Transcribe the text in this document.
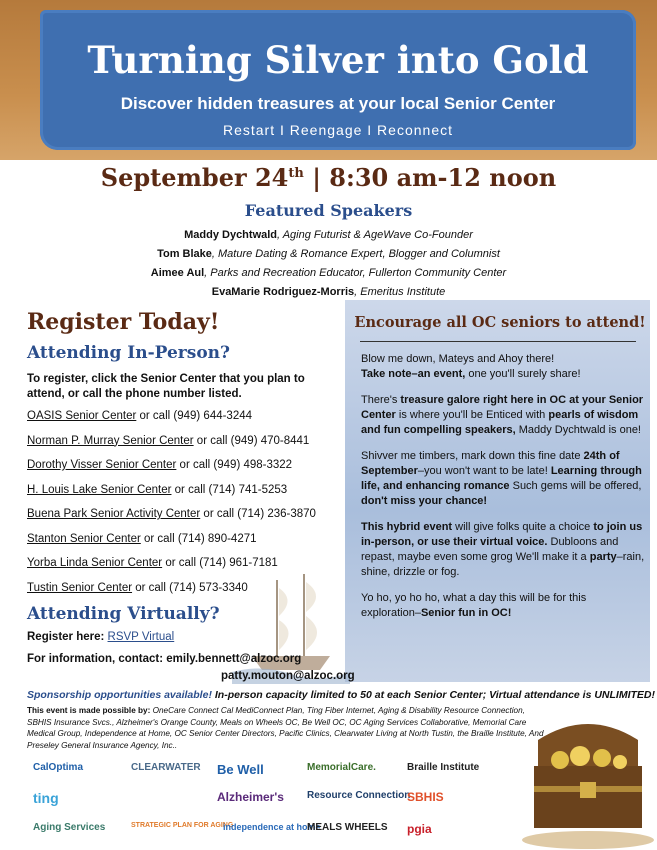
Turning Silver into Gold
Discover hidden treasures at your local Senior Center
Restart I Reengage I Reconnect
September 24th | 8:30 am-12 noon
Featured Speakers
Maddy Dychtwald, Aging Futurist & AgeWave Co-Founder
Tom Blake, Mature Dating & Romance Expert, Blogger and Columnist
Aimee Aul, Parks and Recreation Educator, Fullerton Community Center
EvaMarie Rodriguez-Morris, Emeritus Institute
Register Today!
Attending In-Person?
To register, click the Senior Center that you plan to attend, or call the phone number listed.
OASIS Senior Center or call (949) 644-3244
Norman P. Murray Senior Center or call (949) 470-8441
Dorothy Visser Senior Center or call (949) 498-3322
H. Louis Lake Senior Center or call (714) 741-5253
Buena Park Senior Activity Center or call (714) 236-3870
Stanton Senior Center or call (714) 890-4271
Yorba Linda Senior Center or call (714) 961-7181
Tustin Senior Center or call (714) 573-3340
Attending Virtually?
Register here: RSVP Virtual
For information, contact: emily.bennett@alzoc.org
patty.mouton@alzoc.org
Encourage all OC seniors to attend!

Blow me down, Mateys and Ahoy there!
Take note–an event, one you'll surely share!

There's treasure galore right here in OC at your Senior Center is where you'll be Enticed with pearls of wisdom and fun compelling speakers, Maddy Dychtwald is one!

Shivver me timbers, mark down this fine date 24th of September–you won't want to be late! Learning through life, and enhancing romance Such gems will be offered, don't miss your chance!

This hybrid event will give folks quite a choice to join us in-person, or use their virtual voice. Dubloons and repast, maybe even some grog We'll make it a party–rain, shine, drizzle or fog.

Yo ho, yo ho ho, what a day this will be for this exploration–Senior fun in OC!

Sponsorship opportunities available! In-person capacity limited to 50 at each Senior Center; Virtual attendance is UNLIMITED!
This event is made possible by: OneCare Connect Cal MediConnect Plan, Ting Fiber Internet, Aging & Disability Resource Connection, SBHIS Insurance Svcs., Alzheimer's Orange County, Meals on Wheels OC, Be Well OC, OC Aging Services Collaborative, Memorial Care Medical Group, Independence at Home, OC Senior Center Directors, Pacific Clinics, Clearwater Living at North Tustin, the Braille Institute, And Preseley General Insurance Agency, Inc..
CalOptima	CLEARWATER Be Well	MemorialCare.	Braille Institute
ting	Alzheimer's Resource Connection
SBHIS
Aging Services	STRATEGIC PLAN FOR AGING
independence at home
MEALS WHEELS pgia
